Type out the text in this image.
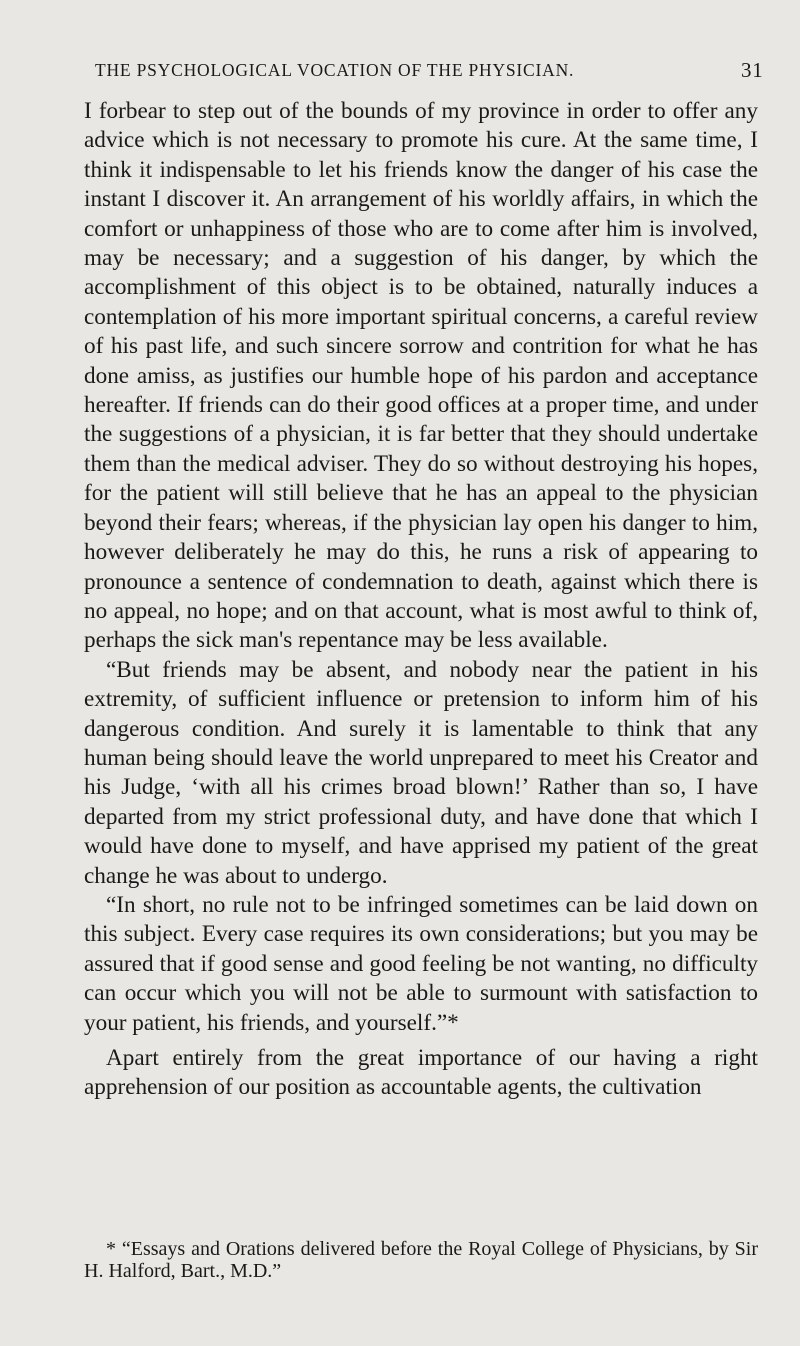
THE PSYCHOLOGICAL VOCATION OF THE PHYSICIAN.	31

I forbear to step out of the bounds of my province in order to offer any advice which is not necessary to promote his cure. At the same time, I think it indispensable to let his friends know the danger of his case the instant I discover it. An arrangement of his worldly affairs, in which the comfort or unhappiness of those who are to come after him is involved, may be necessary; and a suggestion of his danger, by which the accomplishment of this object is to be obtained, naturally induces a contemplation of his more important spiritual concerns, a careful review of his past life, and such sincere sorrow and contrition for what he has done amiss, as justifies our humble hope of his pardon and acceptance hereafter. If friends can do their good offices at a proper time, and under the suggestions of a physician, it is far better that they should undertake them than the medical adviser. They do so without destroying his hopes, for the patient will still believe that he has an appeal to the physician beyond their fears; whereas, if the physician lay open his danger to him, however deliberately he may do this, he runs a risk of appearing to pronounce a sentence of condemnation to death, against which there is no appeal, no hope; and on that account, what is most awful to think of, perhaps the sick man's repentance may be less available.

“But friends may be absent, and nobody near the patient in his extremity, of sufficient influence or pretension to inform him of his dangerous condition. And surely it is lamentable to think that any human being should leave the world unprepared to meet his Creator and his Judge, ‘with all his crimes broad blown!’ Rather than so, I have departed from my strict professional duty, and have done that which I would have done to myself, and have apprised my patient of the great change he was about to undergo.

“In short, no rule not to be infringed sometimes can be laid down on this subject. Every case requires its own considerations; but you may be assured that if good sense and good feeling be not wanting, no difficulty can occur which you will not be able to surmount with satisfaction to your patient, his friends, and yourself.”*

Apart entirely from the great importance of our having a right apprehension of our position as accountable agents, the cultivation

* “Essays and Orations delivered before the Royal College of Physicians, by Sir H. Halford, Bart., M.D.”
